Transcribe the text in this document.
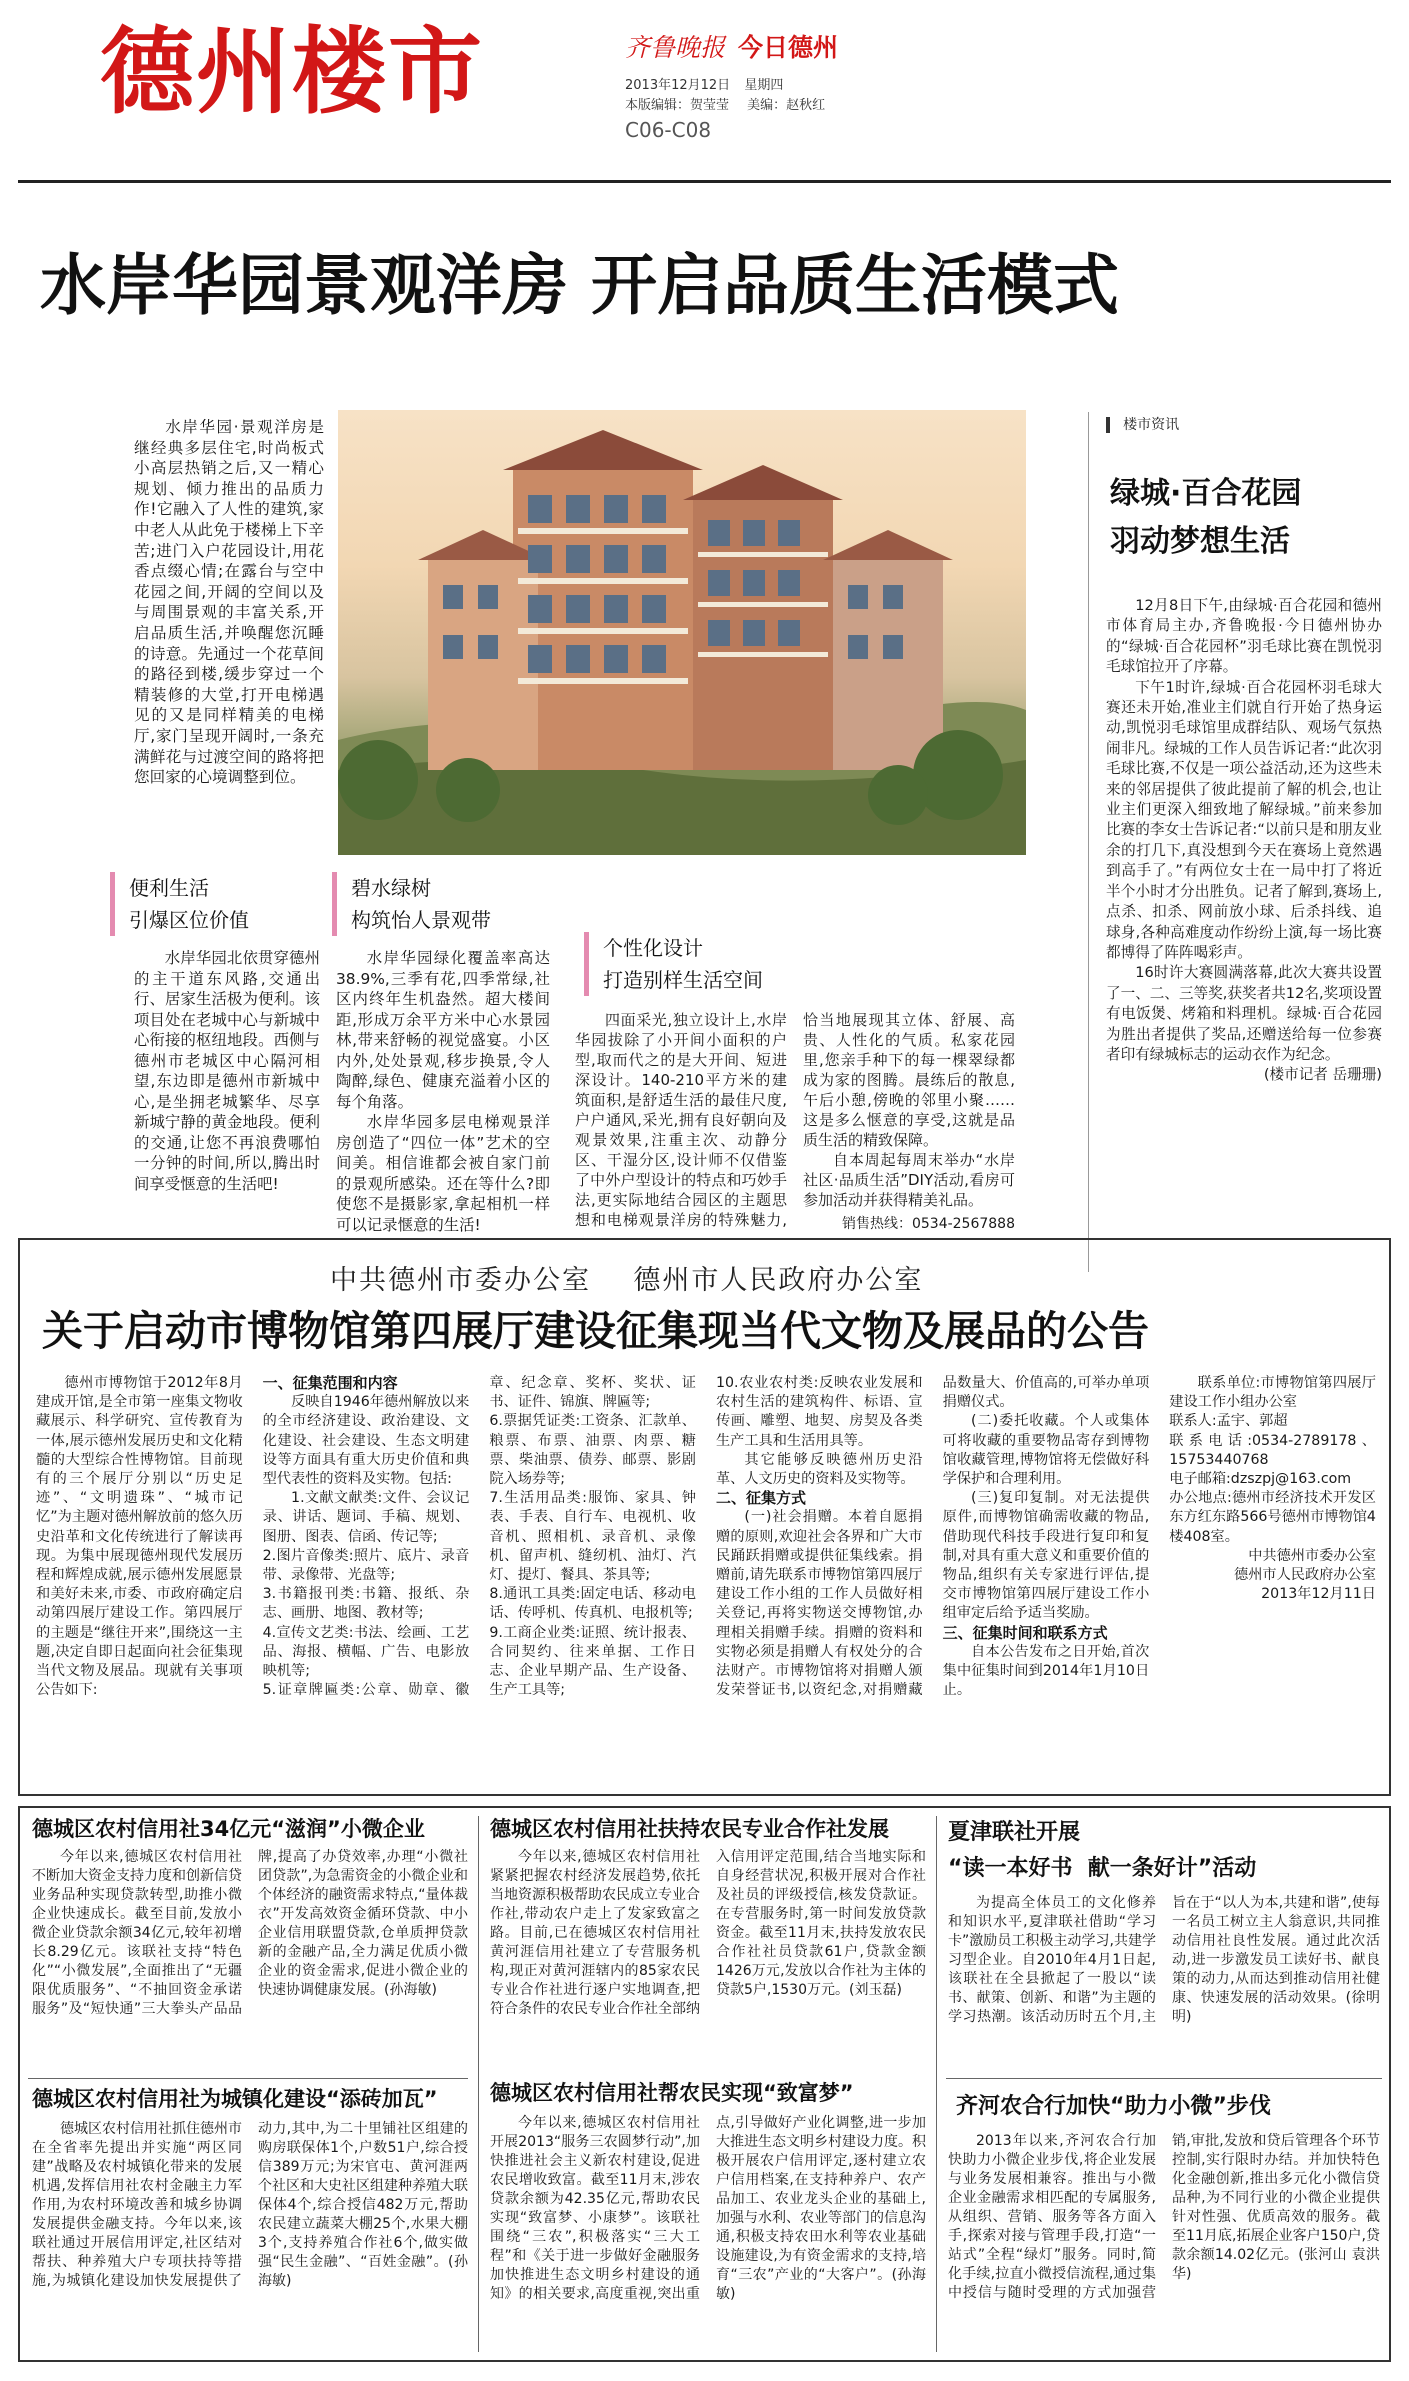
德州楼市	齐鲁晚报 今日德州
2013年12月12日 星期四
本版编辑：贺莹莹 美编：赵秋红
C06-C08
水岸华园景观洋房 开启品质生活模式

水岸华园·景观洋房是继经典多层住宅,时尚板式小高层热销之后,又一精心规划、倾力推出的品质力作!它融入了人性的建筑,家中老人从此免于楼梯上下辛苦;进门入户花园设计,用花香点缀心情;在露台与空中花园之间,开阔的空间以及与周围景观的丰富关系,开启品质生活,并唤醒您沉睡的诗意。先通过一个花草间的路径到楼,缓步穿过一个精装修的大堂,打开电梯遇见的又是同样精美的电梯厅,家门呈现开阔时,一条充满鲜花与过渡空间的路将把您回家的心境调整到位。

便利生活
引爆区位价值

水岸华园北依贯穿德州的主干道东风路,交通出行、居家生活极为便利。该项目处在老城中心与新城中心衔接的枢纽地段。西侧与德州市老城区中心隔河相望,东边即是德州市新城中心,是坐拥老城繁华、尽享新城宁静的黄金地段。便利的交通,让您不再浪费哪怕一分钟的时间,所以,腾出时间享受惬意的生活吧!

碧水绿树
构筑怡人景观带

水岸华园绿化覆盖率高达38.9%,三季有花,四季常绿,社区内终年生机盎然。超大楼间距,形成万余平方米中心水景园林,带来舒畅的视觉盛宴。小区内外,处处景观,移步换景,令人陶醉,绿色、健康充溢着小区的每个角落。

水岸华园多层电梯观景洋房创造了“四位一体”艺术的空间美。相信谁都会被自家门前的景观所感染。还在等什么?即使您不是摄影家,拿起相机一样可以记录惬意的生活!

个性化设计
打造别样生活空间

四面采光,独立设计上,水岸华园拔除了小开间小面积的户型,取而代之的是大开间、短进深设计。140-210平方米的建筑面积,是舒适生活的最佳尺度,户户通风,采光,拥有良好朝向及观景效果,注重主次、动静分区、干湿分区,设计师不仅借鉴了中外户型设计的特点和巧妙手法,更实际地结合园区的主题思想和电梯观景洋房的特殊魅力,恰当地展现其立体、舒展、高贵、人性化的气质。私家花园里,您亲手种下的每一棵翠绿都成为家的图腾。晨练后的散息,午后小憩,傍晚的邻里小聚……这是多么惬意的享受,这就是品质生活的精致保障。

自本周起每周末举办“水岸社区·品质生活”DIY活动,看房可参加活动并获得精美礼品。

销售热线：0534-2567888
楼市资讯
绿城·百合花园
羽动梦想生活

12月8日下午,由绿城·百合花园和德州市体育局主办,齐鲁晚报·今日德州协办的“绿城·百合花园杯”羽毛球比赛在凯悦羽毛球馆拉开了序幕。

下午1时许,绿城·百合花园杯羽毛球大赛还未开始,准业主们就自行开始了热身运动,凯悦羽毛球馆里成群结队、观场气氛热闹非凡。绿城的工作人员告诉记者:“此次羽毛球比赛,不仅是一项公益活动,还为这些未来的邻居提供了彼此提前了解的机会,也让业主们更深入细致地了解绿城。”前来参加比赛的李女士告诉记者:“以前只是和朋友业余的打几下,真没想到今天在赛场上竟然遇到高手了。”有两位女士在一局中打了将近半个小时才分出胜负。记者了解到,赛场上,点杀、扣杀、网前放小球、后杀抖线、追球身,各种高难度动作纷纷上演,每一场比赛都博得了阵阵喝彩声。

16时许大赛圆满落幕,此次大赛共设置了一、二、三等奖,获奖者共12名,奖项设置有电饭煲、烤箱和料理机。绿城·百合花园为胜出者提供了奖品,还赠送给每一位参赛者印有绿城标志的运动衣作为纪念。

(楼市记者 岳珊珊)
中共德州市委办公室    德州市人民政府办公室
关于启动市博物馆第四展厅建设征集现当代文物及展品的公告

德州市博物馆于2012年8月建成开馆,是全市第一座集文物收藏展示、科学研究、宣传教育为一体,展示德州发展历史和文化精髓的大型综合性博物馆。目前现有的三个展厅分别以“历史足迹”、“文明遗珠”、“城市记忆”为主题对德州解放前的悠久历史沿革和文化传统进行了解读再现。为集中展现德州现代发展历程和辉煌成就,展示德州发展愿景和美好未来,市委、市政府确定启动第四展厅建设工作。第四展厅的主题是“继往开来”,围绕这一主题,决定自即日起面向社会征集现当代文物及展品。现就有关事项公告如下:

一、征集范围和内容

反映自1946年德州解放以来的全市经济建设、政治建设、文化建设、社会建设、生态文明建设等方面具有重大历史价值和典型代表性的资料及实物。包括:

1.文献文献类:文件、会议记录、讲话、题词、手稿、规划、图册、图表、信函、传记等;
2.图片音像类:照片、底片、录音带、录像带、光盘等;
3.书籍报刊类:书籍、报纸、杂志、画册、地图、教材等;
4.宣传文艺类:书法、绘画、工艺品、海报、横幅、广告、电影放映机等;
5.证章牌匾类:公章、勋章、徽章、纪念章、奖杯、奖状、证书、证件、锦旗、牌匾等;
6.票据凭证类:工资条、汇款单、粮票、布票、油票、肉票、糖票、柴油票、债券、邮票、影剧院入场券等;
7.生活用品类:服饰、家具、钟表、手表、自行车、电视机、收音机、照相机、录音机、录像机、留声机、缝纫机、油灯、汽灯、提灯、餐具、茶具等;
8.通讯工具类:固定电话、移动电话、传呼机、传真机、电报机等;
9.工商企业类:证照、统计报表、合同契约、往来单据、工作日志、企业早期产品、生产设备、生产工具等;
10.农业农村类:反映农业发展和农村生活的建筑构件、标语、宣传画、雕塑、地契、房契及各类生产工具和生活用具等。

其它能够反映德州历史沿革、人文历史的资料及实物等。

二、征集方式

(一)社会捐赠。本着自愿捐赠的原则,欢迎社会各界和广大市民踊跃捐赠或提供征集线索。捐赠前,请先联系市博物馆第四展厅建设工作小组的工作人员做好相关登记,再将实物送交博物馆,办理相关捐赠手续。捐赠的资料和实物必须是捐赠人有权处分的合法财产。市博物馆将对捐赠人颁发荣誉证书,以资纪念,对捐赠藏品数量大、价值高的,可举办单项捐赠仪式。

(二)委托收藏。个人或集体可将收藏的重要物品寄存到博物馆收藏管理,博物馆将无偿做好科学保护和合理利用。

(三)复印复制。对无法提供原件,而博物馆确需收藏的物品,借助现代科技手段进行复印和复制,对具有重大意义和重要价值的物品,组织有关专家进行评估,提交市博物馆第四展厅建设工作小组审定后给予适当奖励。

三、征集时间和联系方式

自本公告发布之日开始,首次集中征集时间到2014年1月10日止。

联系单位:市博物馆第四展厅建设工作小组办公室
联系人:孟宇、郭超
联系电话:0534-2789178、15753440768
电子邮箱:dzszpj@163.com
办公地点:德州市经济技术开发区东方红东路566号德州市博物馆4楼408室。

中共德州市委办公室
德州市人民政府办公室
2013年12月11日
德城区农村信用社34亿元“滋润”小微企业

今年以来,德城区农村信用社不断加大资金支持力度和创新信贷业务品种实现贷款转型,助推小微企业快速成长。截至目前,发放小微企业贷款余额34亿元,较年初增长8.29亿元。该联社支持“特色化”“小微发展”,全面推出了“无疆限优质服务”、“不抽回资金承诺服务”及“短快通”三大拳头产品品牌,提高了办贷效率,办理“小微社团贷款”,为急需资金的小微企业和个体经济的融资需求特点,“量体裁衣”开发高效资金循环贷款、中小企业信用联盟贷款,仓单质押贷款新的金融产品,全力满足优质小微企业的资金需求,促进小微企业的快速协调健康发展。(孙海敏)

德城区农村信用社为城镇化建设“添砖加瓦”

德城区农村信用社抓住德州市在全省率先提出并实施“两区同建”战略及农村城镇化带来的发展机遇,发挥信用社农村金融主力军作用,为农村环境改善和城乡协调发展提供金融支持。今年以来,该联社通过开展信用评定,社区结对帮扶、种养殖大户专项扶持等措施,为城镇化建设加快发展提供了动力,其中,为二十里铺社区组建的购房联保体1个,户数51户,综合授信389万元;为宋官屯、黄河涯两个社区和大史社区组建种养殖大联保体4个,综合授信482万元,帮助农民建立蔬菜大棚25个,水果大棚3个,支持养殖合作社6个,做实做强“民生金融”、“百姓金融”。(孙海敏)

德城区农村信用社扶持农民专业合作社发展

今年以来,德城区农村信用社紧紧把握农村经济发展趋势,依托当地资源积极帮助农民成立专业合作社,带动农户走上了发家致富之路。目前,已在德城区农村信用社黄河涯信用社建立了专营服务机构,现正对黄河涯辖内的85家农民专业合作社进行逐户实地调查,把符合条件的农民专业合作社全部纳入信用评定范围,结合当地实际和自身经营状况,积极开展对合作社及社员的评级授信,核发贷款证。在专营服务时,第一时间发放贷款资金。截至11月末,扶持发放农民合作社社员贷款61户,贷款金额1426万元,发放以合作社为主体的贷款5户,1530万元。(刘玉磊)

德城区农村信用社帮农民实现“致富梦”

今年以来,德城区农村信用社开展2013“服务三农圆梦行动”,加快推进社会主义新农村建设,促进农民增收致富。截至11月末,涉农贷款余额为42.35亿元,帮助农民实现“致富梦、小康梦”。该联社围绕“三农”,积极落实“三大工程”和《关于进一步做好金融服务加快推进生态文明乡村建设的通知》的相关要求,高度重视,突出重点,引导做好产业化调整,进一步加大推进生态文明乡村建设力度。积极开展农户信用评定,逐村建立农户信用档案,在支持种养户、农产品加工、农业龙头企业的基础上,加强与水利、农业等部门的信息沟通,积极支持农田水利等农业基础设施建设,为有资金需求的支持,培育“三农”产业的“大客户”。(孙海敏)

夏津联社开展
“读一本好书  献一条好计”活动

为提高全体员工的文化修养和知识水平,夏津联社借助“学习卡”激励员工积极主动学习,共建学习型企业。自2010年4月1日起,该联社在全县掀起了一股以“读书、献策、创新、和谐”为主题的学习热潮。该活动历时五个月,主旨在于“以人为本,共建和谐”,使每一名员工树立主人翁意识,共同推动信用社良性发展。通过此次活动,进一步激发员工读好书、献良策的动力,从而达到推动信用社健康、快速发展的活动效果。(徐明明)

齐河农合行加快“助力小微”步伐

2013年以来,齐河农合行加快助力小微企业步伐,将企业发展与业务发展相兼容。推出与小微企业金融需求相匹配的专属服务,从组织、营销、服务等各方面入手,探索对接与管理手段,打造“一站式”全程“绿灯”服务。同时,简化手续,拉直小微授信流程,通过集中授信与随时受理的方式加强营销,审批,发放和贷后管理各个环节控制,实行限时办结。并加快特色化金融创新,推出多元化小微信贷品种,为不同行业的小微企业提供针对性强、优质高效的服务。截至11月底,拓展企业客户150户,贷款余额14.02亿元。(张河山 袁洪华)
